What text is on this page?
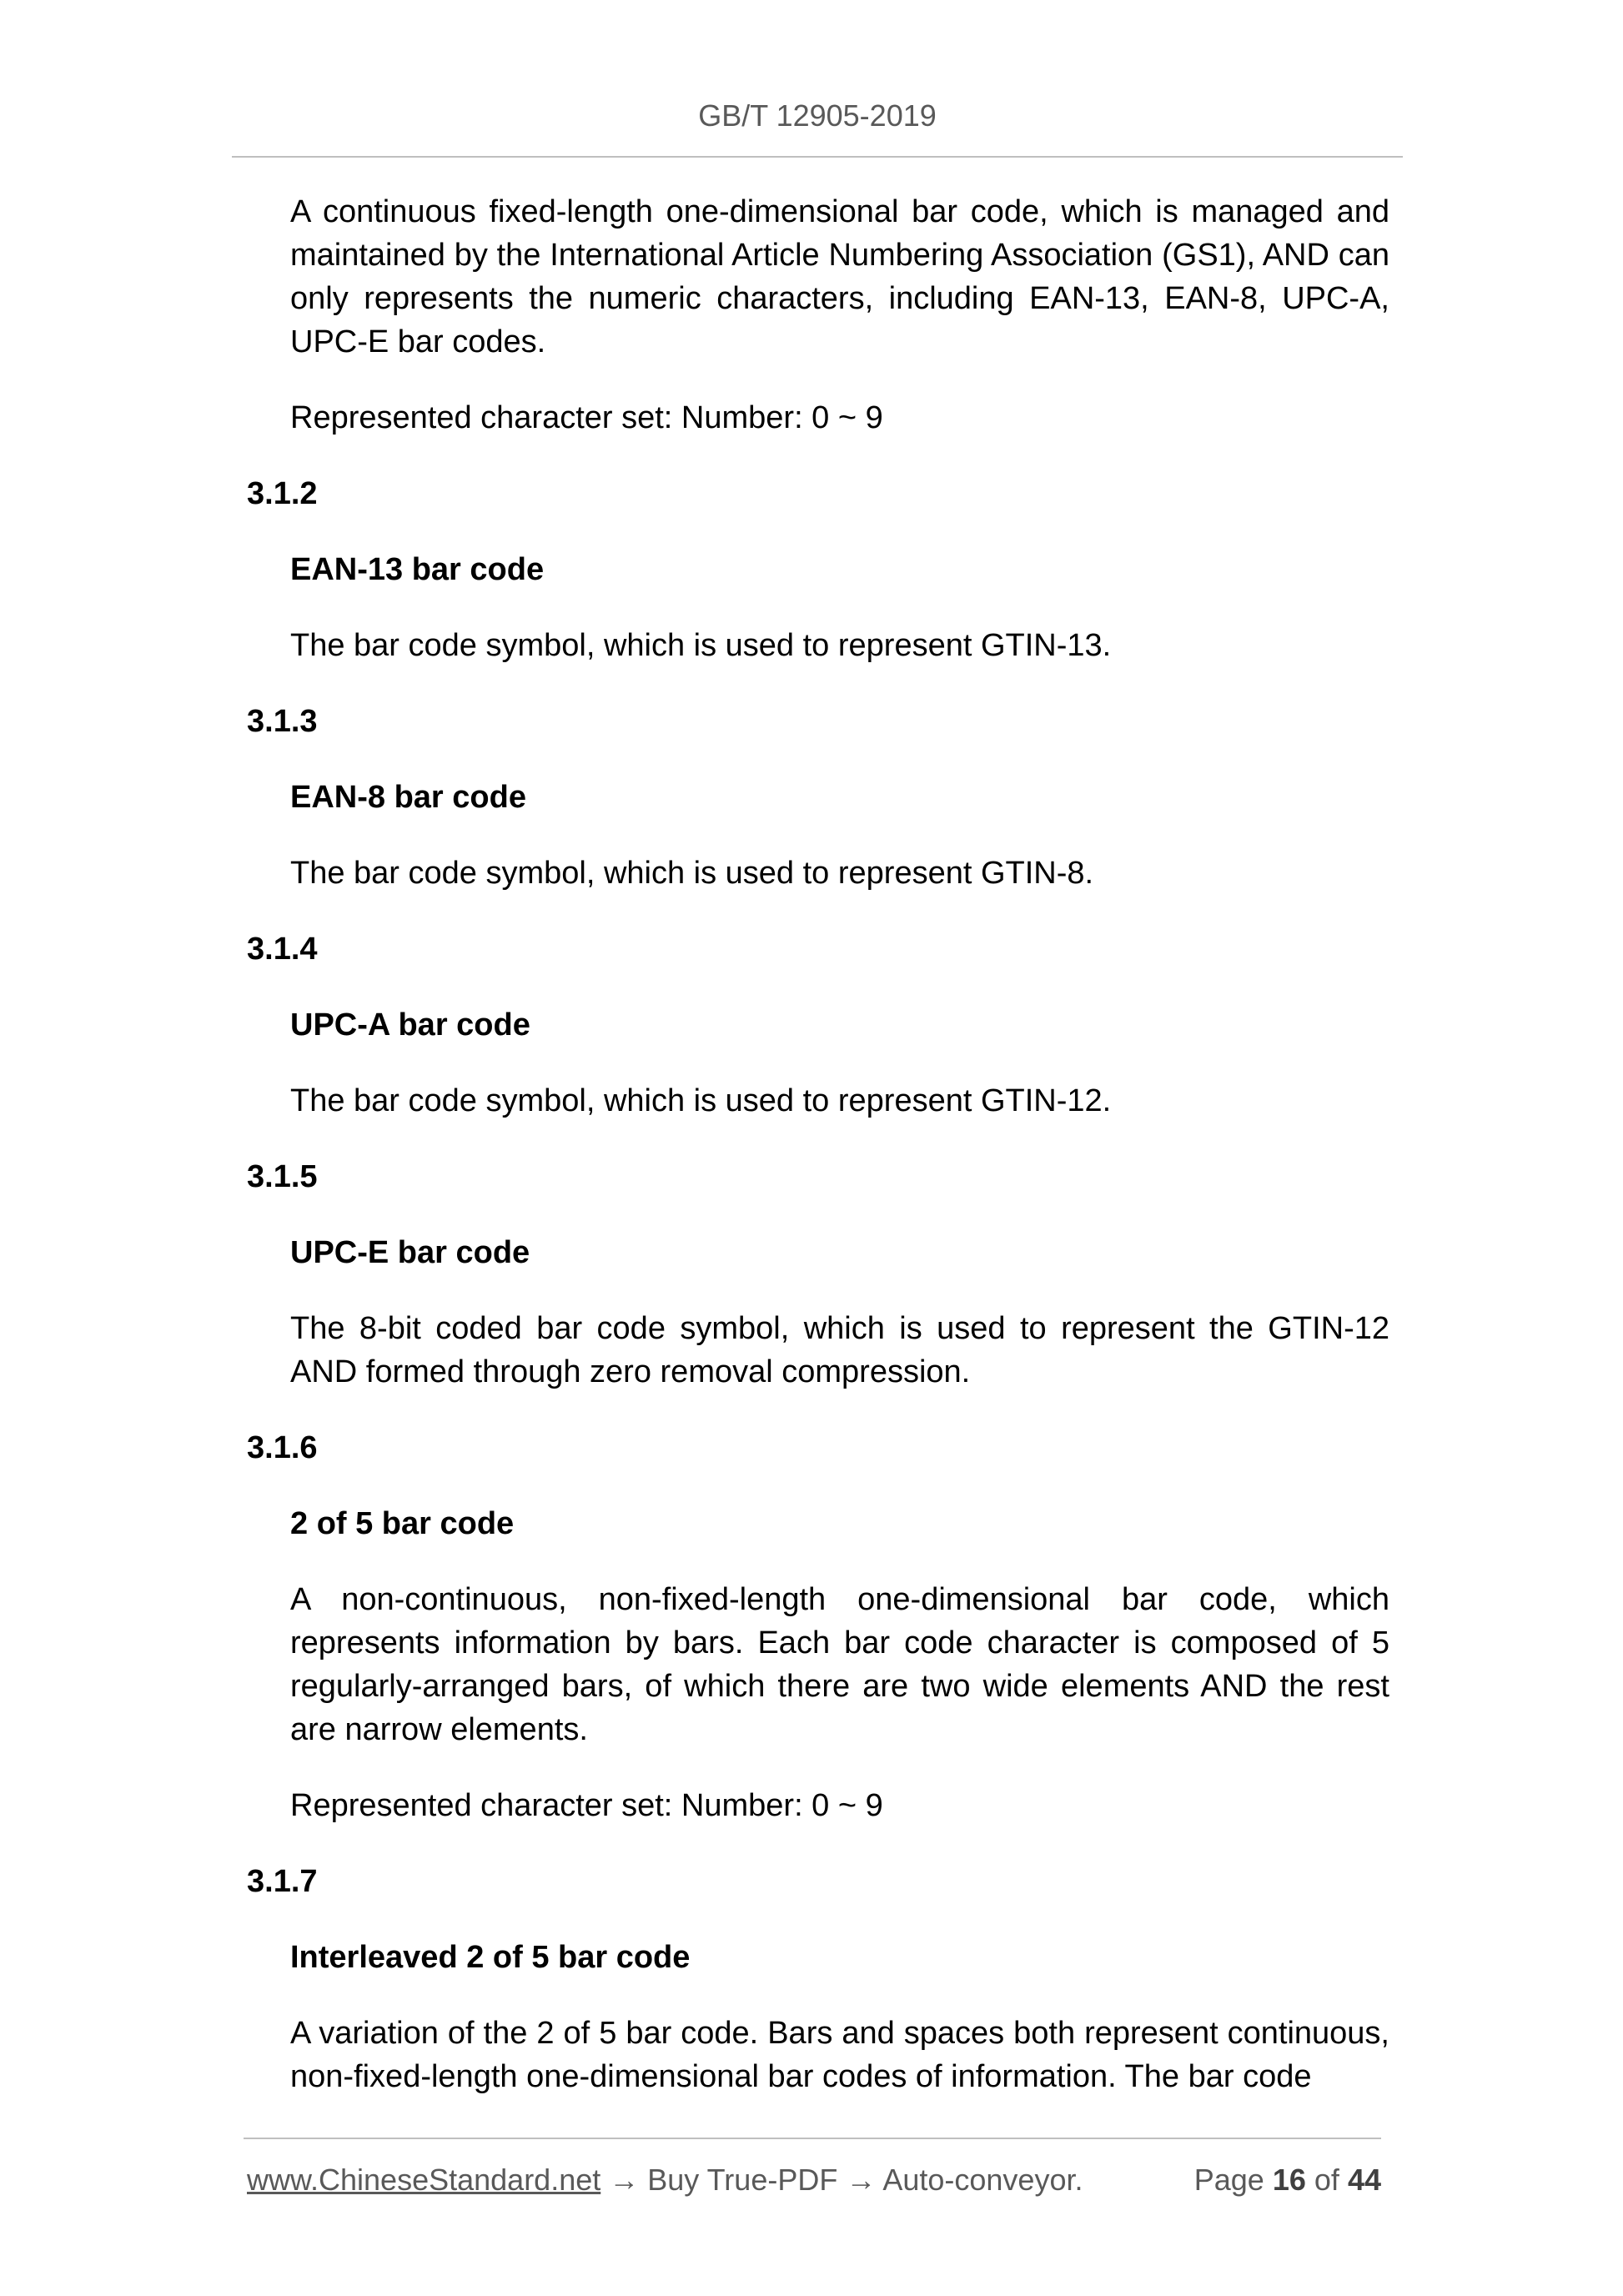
GB/T 12905-2019

A continuous fixed-length one-dimensional bar code, which is managed and maintained by the International Article Numbering Association (GS1), AND can only represents the numeric characters, including EAN-13, EAN-8, UPC-A, UPC-E bar codes.

Represented character set: Number: 0 ~ 9

3.1.2

EAN-13 bar code

The bar code symbol, which is used to represent GTIN-13.

3.1.3

EAN-8 bar code

The bar code symbol, which is used to represent GTIN-8.

3.1.4

UPC-A bar code

The bar code symbol, which is used to represent GTIN-12.

3.1.5

UPC-E bar code

The 8-bit coded bar code symbol, which is used to represent the GTIN-12 AND formed through zero removal compression.

3.1.6

2 of 5 bar code

A non-continuous, non-fixed-length one-dimensional bar code, which represents information by bars. Each bar code character is composed of 5 regularly-arranged bars, of which there are two wide elements AND the rest are narrow elements.

Represented character set: Number: 0 ~ 9

3.1.7

Interleaved 2 of 5 bar code

A variation of the 2 of 5 bar code. Bars and spaces both represent continuous, non-fixed-length one-dimensional bar codes of information. The bar code

www.ChineseStandard.net → Buy True-PDF → Auto-conveyor.	Page 16 of 44
